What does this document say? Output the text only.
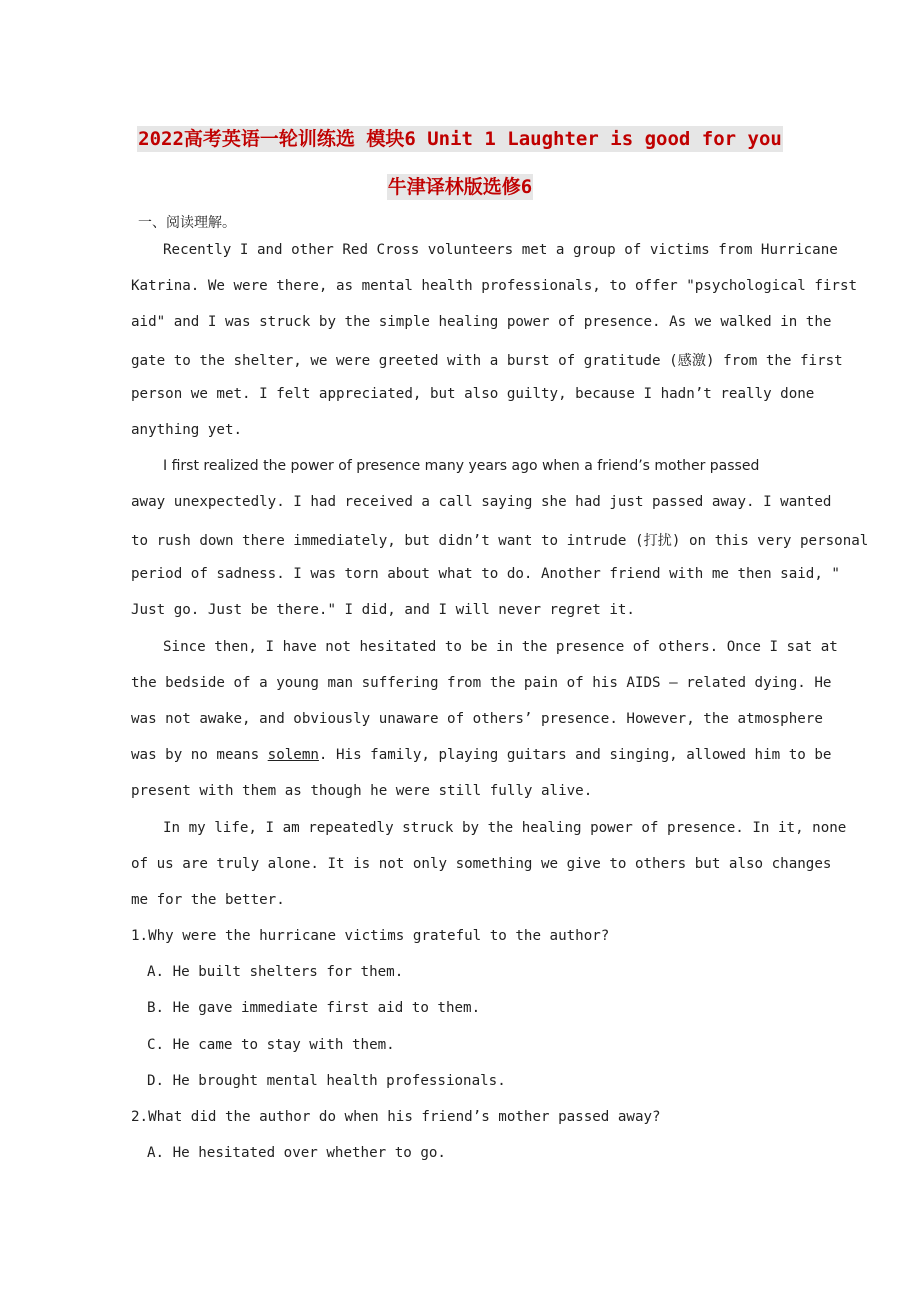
2022高考英语一轮训练选 模块6 Unit 1 Laughter is good for you
牛津译林版选修6
一、阅读理解。
Recently I and other Red Cross volunteers met a group of victims from Hurricane
Katrina. We were there, as mental health professionals, to offer "psychological first
aid" and I was struck by the simple healing power of presence. As we walked in the
gate to the shelter, we were greeted with a burst of gratitude (感激) from the first
person we met. I felt appreciated, but also guilty, because I hadn’t really done
anything yet.
I first realized the power of presence many years ago when a friend’s mother passed
away unexpectedly. I had received a call saying she had just passed away. I wanted
to rush down there immediately, but didn’t want to intrude (打扰) on this very personal
period of sadness. I was torn about what to do. Another friend with me then said, "
Just go. Just be there." I did, and I will never regret it.
Since then, I have not hesitated to be in the presence of others. Once I sat at
the bedside of a young man suffering from the pain of his AIDS — related dying. He
was not awake, and obviously unaware of others’ presence. However, the atmosphere
was by no means solemn. His family, playing guitars and singing, allowed him to be
present with them as though he were still fully alive.
In my life, I am repeatedly struck by the healing power of presence. In it, none
of us are truly alone. It is not only something we give to others but also changes
me for the better.
1.Why were the hurricane victims grateful to the author?
A. He built shelters for them.
B. He gave immediate first aid to them.
C. He came to stay with them.
D. He brought mental health professionals.
2.What did the author do when his friend’s mother passed away?
A. He hesitated over whether to go.
